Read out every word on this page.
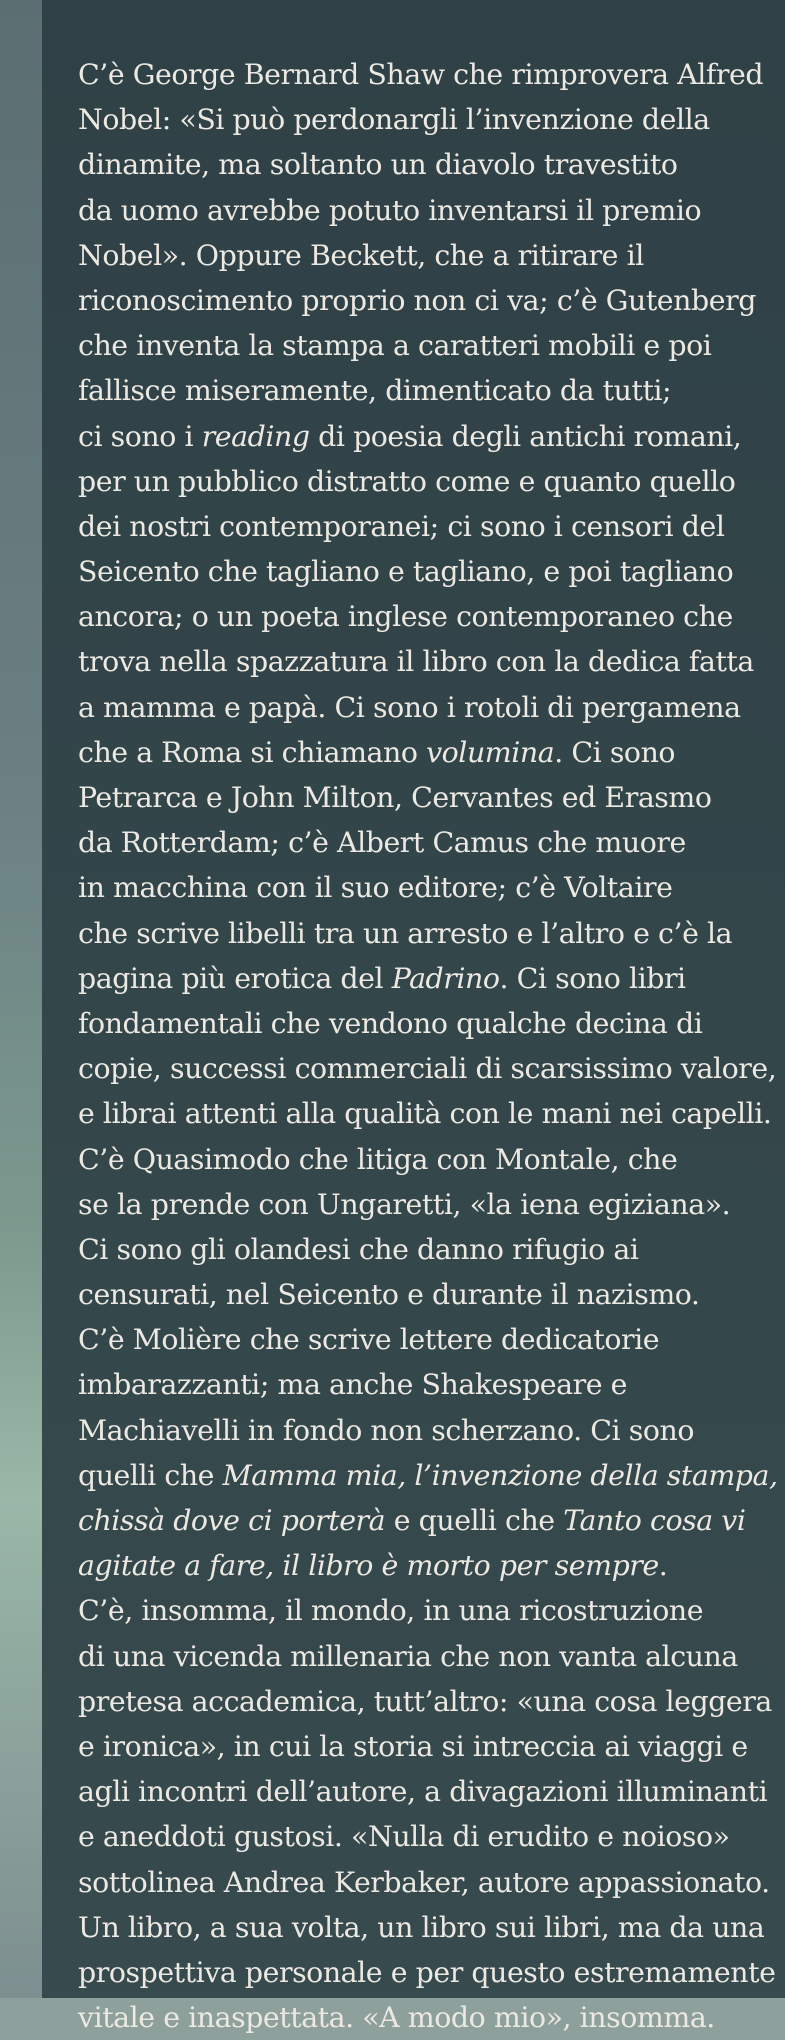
C’è George Bernard Shaw che rimprovera Alfred
Nobel: «Si può perdonargli l’invenzione della
dinamite, ma soltanto un diavolo travestito
da uomo avrebbe potuto inventarsi il premio
Nobel». Oppure Beckett, che a ritirare il
riconoscimento proprio non ci va; c’è Gutenberg
che inventa la stampa a caratteri mobili e poi
fallisce miseramente, dimenticato da tutti;
ci sono i reading di poesia degli antichi romani,
per un pubblico distratto come e quanto quello
dei nostri contemporanei; ci sono i censori del
Seicento che tagliano e tagliano, e poi tagliano
ancora; o un poeta inglese contemporaneo che
trova nella spazzatura il libro con la dedica fatta
a mamma e papà. Ci sono i rotoli di pergamena
che a Roma si chiamano volumina. Ci sono
Petrarca e John Milton, Cervantes ed Erasmo
da Rotterdam; c’è Albert Camus che muore
in macchina con il suo editore; c’è Voltaire
che scrive libelli tra un arresto e l’altro e c’è la
pagina più erotica del Padrino. Ci sono libri
fondamentali che vendono qualche decina di
copie, successi commerciali di scarsissimo valore,
e librai attenti alla qualità con le mani nei capelli.
C’è Quasimodo che litiga con Montale, che
se la prende con Ungaretti, «la iena egiziana».
Ci sono gli olandesi che danno rifugio ai
censurati, nel Seicento e durante il nazismo.
C’è Molière che scrive lettere dedicatorie
imbarazzanti; ma anche Shakespeare e
Machiavelli in fondo non scherzano. Ci sono
quelli che Mamma mia, l’invenzione della stampa,
chissà dove ci porterà e quelli che Tanto cosa vi
agitate a fare, il libro è morto per sempre.
C’è, insomma, il mondo, in una ricostruzione
di una vicenda millenaria che non vanta alcuna
pretesa accademica, tutt’altro: «una cosa leggera
e ironica», in cui la storia si intreccia ai viaggi e
agli incontri dell’autore, a divagazioni illuminanti
e aneddoti gustosi. «Nulla di erudito e noioso»
sottolinea Andrea Kerbaker, autore appassionato.
Un libro, a sua volta, un libro sui libri, ma da una
prospettiva personale e per questo estremamente
vitale e inaspettata. «A modo mio», insomma.
